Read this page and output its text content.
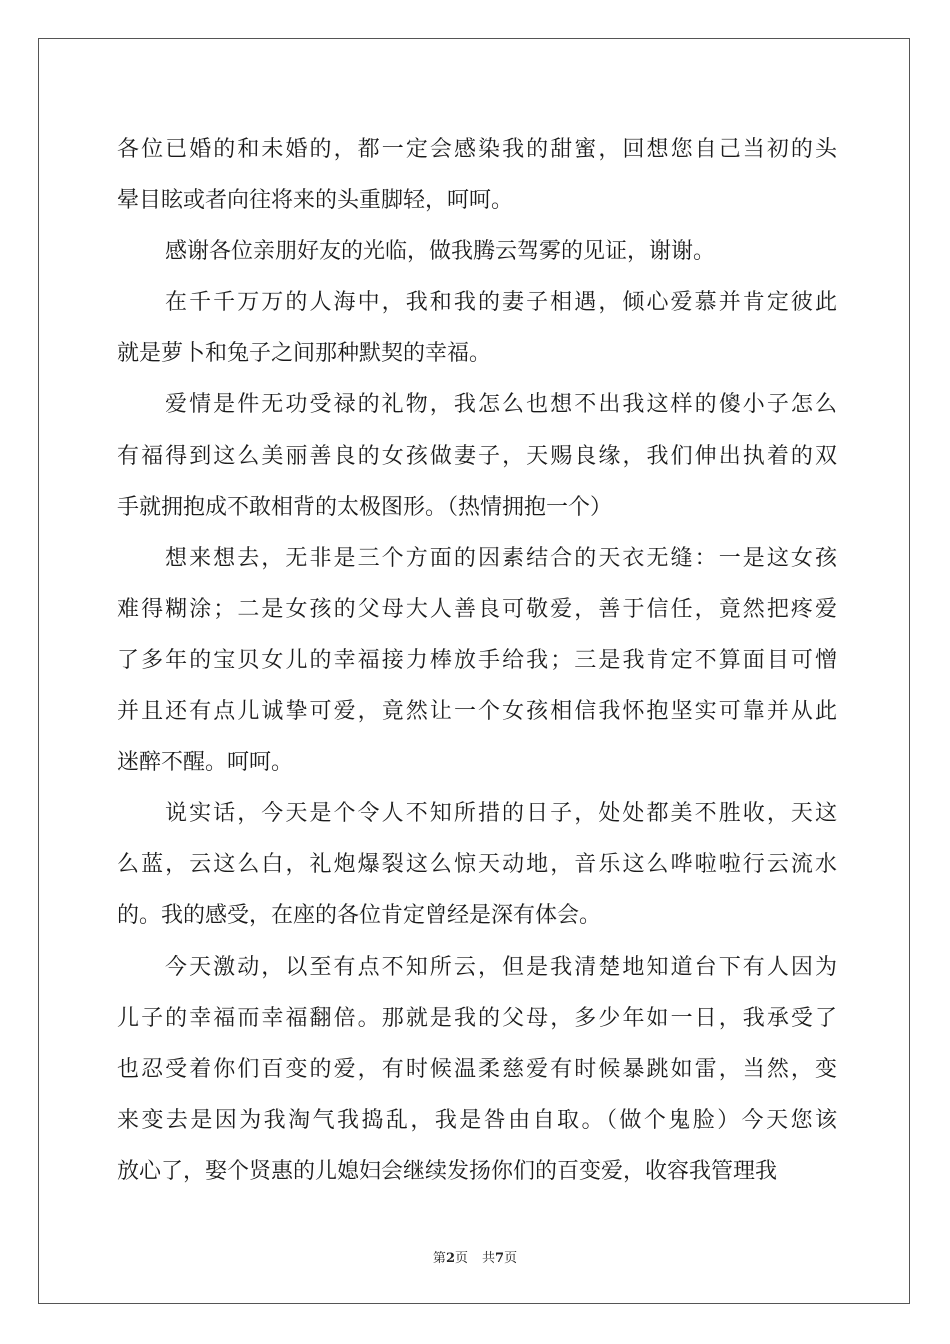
各位已婚的和未婚的，都一定会感染我的甜蜜，回想您自己当初的头
晕目眩或者向往将来的头重脚轻，呵呵。
感谢各位亲朋好友的光临，做我腾云驾雾的见证，谢谢。
在千千万万的人海中，我和我的妻子相遇，倾心爱慕并肯定彼此
就是萝卜和兔子之间那种默契的幸福。
爱情是件无功受禄的礼物，我怎么也想不出我这样的傻小子怎么
有福得到这么美丽善良的女孩做妻子，天赐良缘，我们伸出执着的双
手就拥抱成不敢相背的太极图形。（热情拥抱一个）
想来想去，无非是三个方面的因素结合的天衣无缝：一是这女孩
难得糊涂；二是女孩的父母大人善良可敬爱，善于信任，竟然把疼爱
了多年的宝贝女儿的幸福接力棒放手给我；三是我肯定不算面目可憎
并且还有点儿诚挚可爱，竟然让一个女孩相信我怀抱坚实可靠并从此
迷醉不醒。呵呵。
说实话，今天是个令人不知所措的日子，处处都美不胜收，天这
么蓝，云这么白，礼炮爆裂这么惊天动地，音乐这么哗啦啦行云流水
的。我的感受，在座的各位肯定曾经是深有体会。
今天激动，以至有点不知所云，但是我清楚地知道台下有人因为
儿子的幸福而幸福翻倍。那就是我的父母，多少年如一日，我承受了
也忍受着你们百变的爱，有时候温柔慈爱有时候暴跳如雷，当然，变
来变去是因为我淘气我捣乱，我是咎由自取。（做个鬼脸）今天您该
放心了，娶个贤惠的儿媳妇会继续发扬你们的百变爱，收容我管理我
第2页 共7页
